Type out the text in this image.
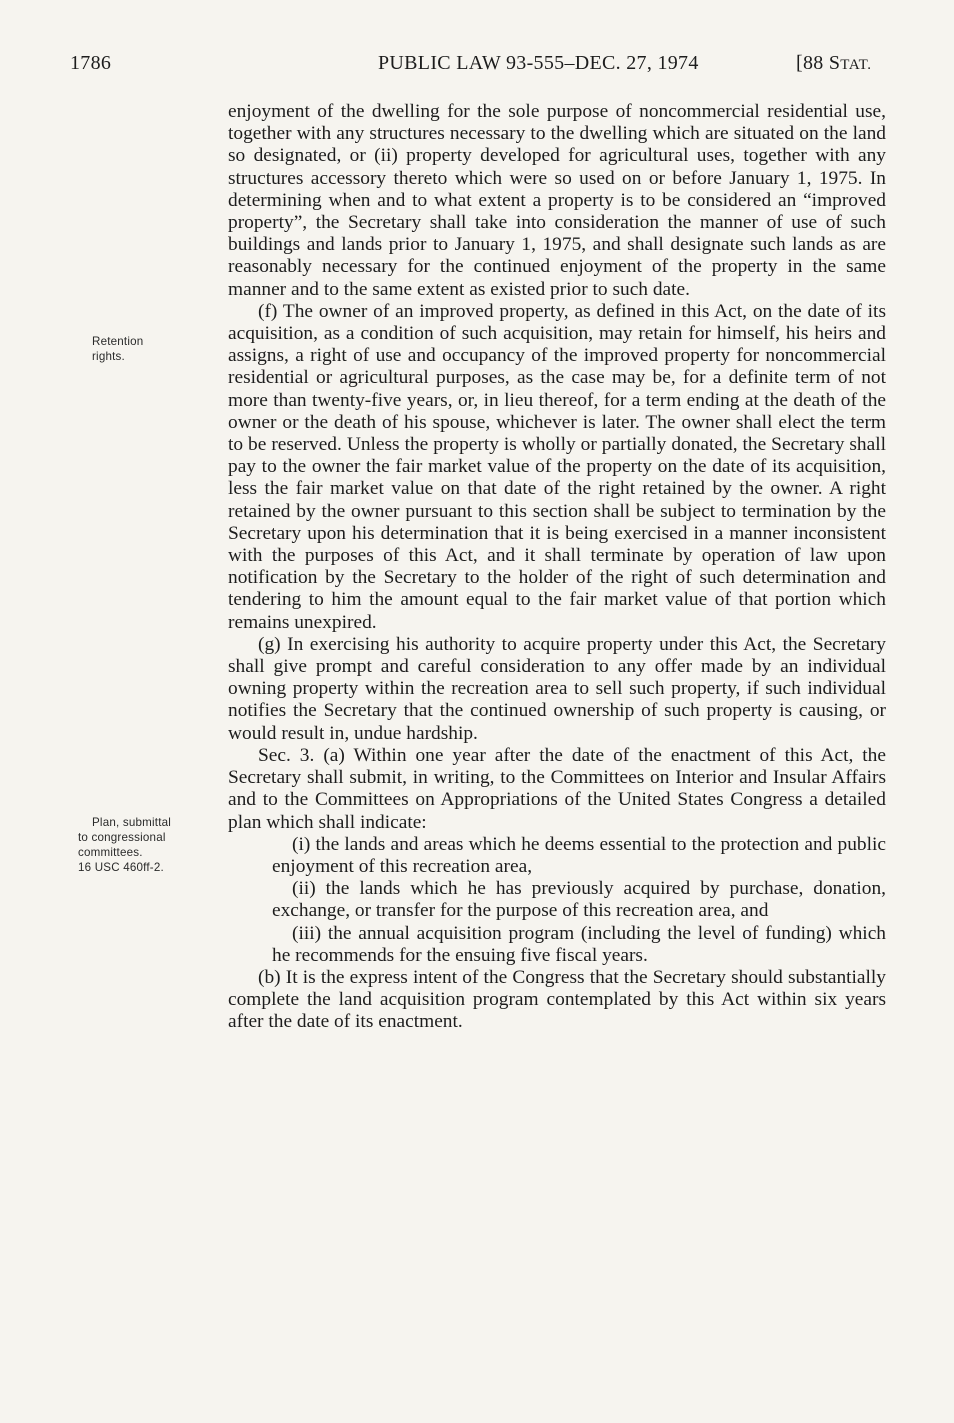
1786	PUBLIC LAW 93-555–DEC. 27, 1974	[88 STAT.
Retention
rights.
Plan, submittal
to congressional
committees.
16 USC 460ff-2.

enjoyment of the dwelling for the sole purpose of noncommercial residential use, together with any structures necessary to the dwelling which are situated on the land so designated, or (ii) property developed for agricultural uses, together with any structures accessory thereto which were so used on or before January 1, 1975. In determining when and to what extent a property is to be considered an “improved property”, the Secretary shall take into consideration the manner of use of such buildings and lands prior to January 1, 1975, and shall designate such lands as are reasonably necessary for the continued enjoyment of the property in the same manner and to the same extent as existed prior to such date.

(f) The owner of an improved property, as defined in this Act, on the date of its acquisition, as a condition of such acquisition, may retain for himself, his heirs and assigns, a right of use and occupancy of the improved property for noncommercial residential or agricultural purposes, as the case may be, for a definite term of not more than twenty-five years, or, in lieu thereof, for a term ending at the death of the owner or the death of his spouse, whichever is later. The owner shall elect the term to be reserved. Unless the property is wholly or partially donated, the Secretary shall pay to the owner the fair market value of the property on the date of its acquisition, less the fair market value on that date of the right retained by the owner. A right retained by the owner pursuant to this section shall be subject to termination by the Secretary upon his determination that it is being exercised in a manner inconsistent with the purposes of this Act, and it shall terminate by operation of law upon notification by the Secretary to the holder of the right of such determination and tendering to him the amount equal to the fair market value of that portion which remains unexpired.

(g) In exercising his authority to acquire property under this Act, the Secretary shall give prompt and careful consideration to any offer made by an individual owning property within the recreation area to sell such property, if such individual notifies the Secretary that the continued ownership of such property is causing, or would result in, undue hardship.

Sec. 3. (a) Within one year after the date of the enactment of this Act, the Secretary shall submit, in writing, to the Committees on Interior and Insular Affairs and to the Committees on Appropriations of the United States Congress a detailed plan which shall indicate:

(i) the lands and areas which he deems essential to the protection and public enjoyment of this recreation area,

(ii) the lands which he has previously acquired by purchase, donation, exchange, or transfer for the purpose of this recreation area, and

(iii) the annual acquisition program (including the level of funding) which he recommends for the ensuing five fiscal years.

(b) It is the express intent of the Congress that the Secretary should substantially complete the land acquisition program contemplated by this Act within six years after the date of its enactment.
